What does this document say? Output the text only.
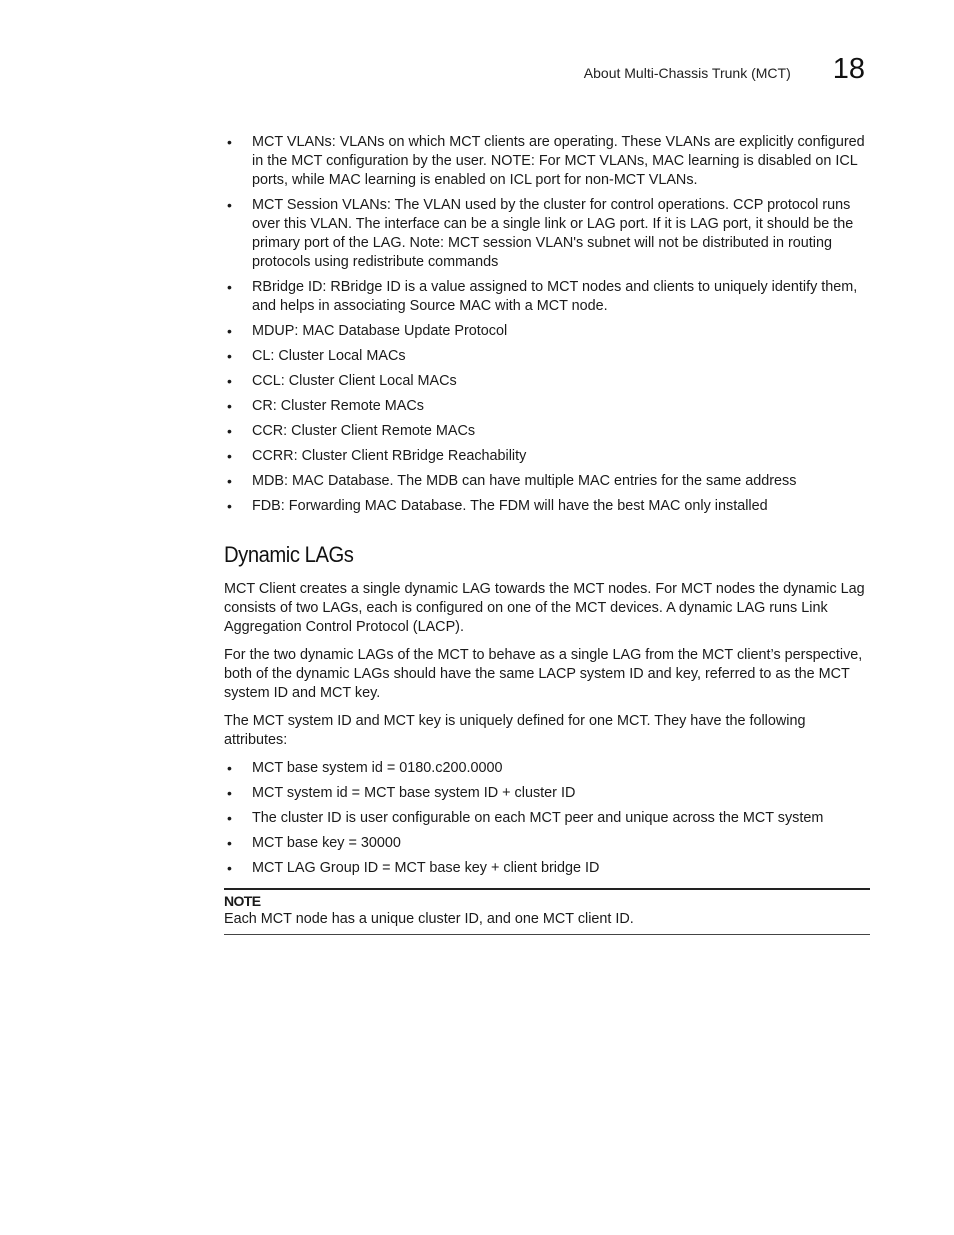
About Multi-Chassis Trunk (MCT) 18
• MCT VLANs: VLANs on which MCT clients are operating. These VLANs are explicitly configured in the MCT configuration by the user. NOTE: For MCT VLANs, MAC learning is disabled on ICL ports, while MAC learning is enabled on ICL port for non-MCT VLANs.
• MCT Session VLANs: The VLAN used by the cluster for control operations. CCP protocol runs over this VLAN. The interface can be a single link or LAG port. If it is LAG port, it should be the primary port of the LAG. Note: MCT session VLAN's subnet will not be distributed in routing protocols using redistribute commands
• RBridge ID: RBridge ID is a value assigned to MCT nodes and clients to uniquely identify them, and helps in associating Source MAC with a MCT node.
• MDUP: MAC Database Update Protocol
• CL: Cluster Local MACs
• CCL: Cluster Client Local MACs
• CR: Cluster Remote MACs
• CCR: Cluster Client Remote MACs
• CCRR: Cluster Client RBridge Reachability
• MDB: MAC Database. The MDB can have multiple MAC entries for the same address
• FDB: Forwarding MAC Database. The FDM will have the best MAC only installed
Dynamic LAGs

MCT Client creates a single dynamic LAG towards the MCT nodes. For MCT nodes the dynamic Lag consists of two LAGs, each is configured on one of the MCT devices. A dynamic LAG runs Link Aggregation Control Protocol (LACP).

For the two dynamic LAGs of the MCT to behave as a single LAG from the MCT client’s perspective, both of the dynamic LAGs should have the same LACP system ID and key, referred to as the MCT system ID and MCT key.

The MCT system ID and MCT key is uniquely defined for one MCT. They have the following attributes:

• MCT base system id = 0180.c200.0000
• MCT system id = MCT base system ID + cluster ID
• The cluster ID is user configurable on each MCT peer and unique across the MCT system
• MCT base key = 30000
• MCT LAG Group ID = MCT base key + client bridge ID
NOTE
Each MCT node has a unique cluster ID, and one MCT client ID.
